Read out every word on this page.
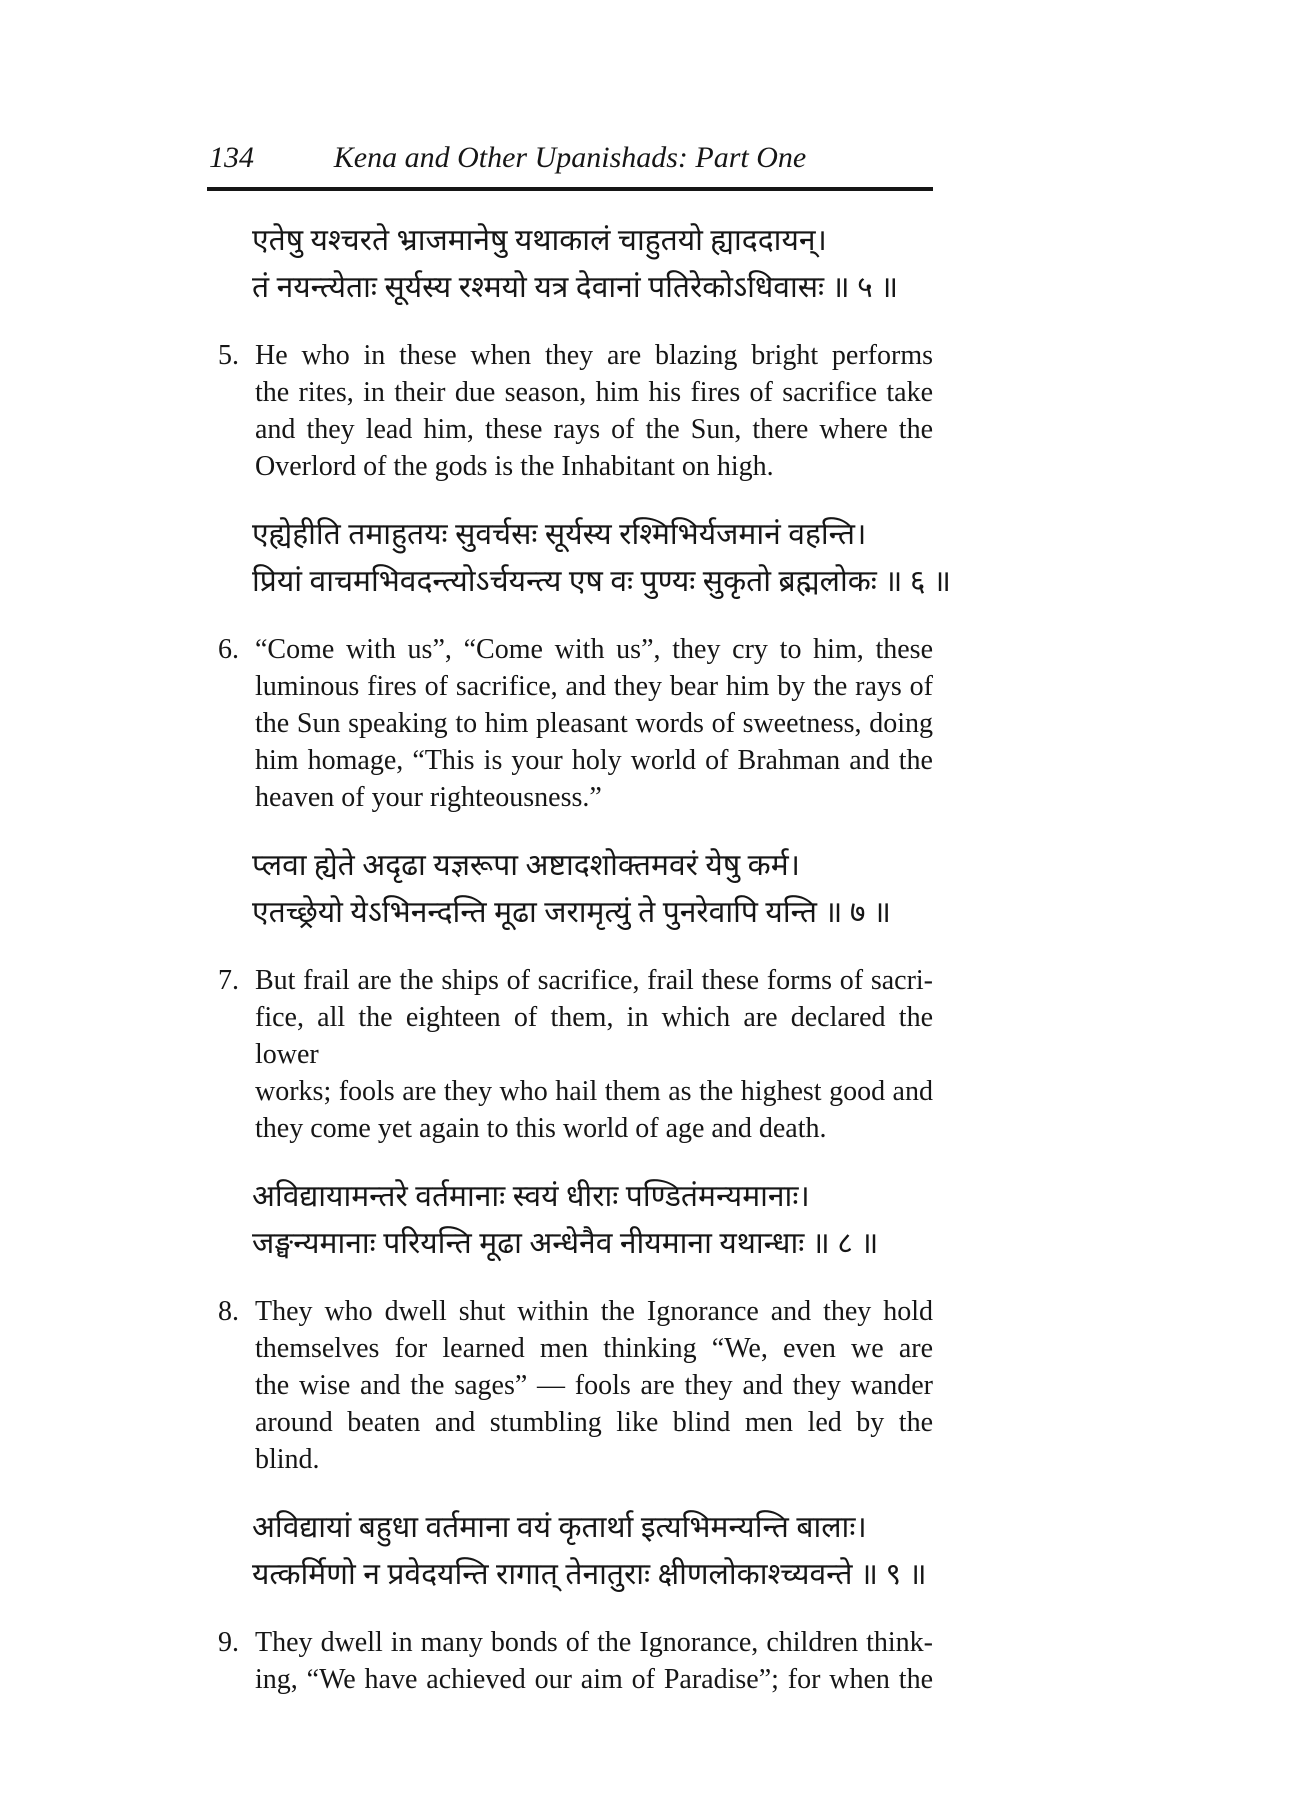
134	Kena and Other Upanishads: Part One
एतेषु यश्चरते भ्राजमानेषु यथाकालं चाहुतयो ह्याददायन्।
तं नयन्त्येताः सूर्यस्य रश्मयो यत्र देवानां पतिरेकोऽधिवासः ॥ ५ ॥
5. He who in these when they are blazing bright performs
the rites, in their due season, him his fires of sacrifice take
and they lead him, these rays of the Sun, there where the
Overlord of the gods is the Inhabitant on high.
एह्येहीति तमाहुतयः सुवर्चसः सूर्यस्य रश्मिभिर्यजमानं वहन्ति।
प्रियां वाचमभिवदन्त्योऽर्चयन्त्य एष वः पुण्यः सुकृतो ब्रह्मलोकः ॥ ६ ॥
6. “Come with us”, “Come with us”, they cry to him, these
luminous fires of sacrifice, and they bear him by the rays of
the Sun speaking to him pleasant words of sweetness, doing
him homage, “This is your holy world of Brahman and the
heaven of your righteousness.”
प्लवा ह्येते अदृढा यज्ञरूपा अष्टादशोक्तमवरं येषु कर्म।
एतच्छ्रेयो येऽभिनन्दन्ति मूढा जरामृत्युं ते पुनरेवापि यन्ति ॥ ७ ॥
7. But frail are the ships of sacrifice, frail these forms of sacri-
fice, all the eighteen of them, in which are declared the lower
works; fools are they who hail them as the highest good and
they come yet again to this world of age and death.
अविद्यायामन्तरे वर्तमानाः स्वयं धीराः पण्डितंमन्यमानाः।
जङ्घन्यमानाः परियन्ति मूढा अन्धेनैव नीयमाना यथान्धाः ॥ ८ ॥
8. They who dwell shut within the Ignorance and they hold
themselves for learned men thinking “We, even we are
the wise and the sages” — fools are they and they wander
around beaten and stumbling like blind men led by the
blind.
अविद्यायां बहुधा वर्तमाना वयं कृतार्था इत्यभिमन्यन्ति बालाः।
यत्कर्मिणो न प्रवेदयन्ति रागात् तेनातुराः क्षीणलोकाश्च्यवन्ते ॥ ९ ॥
9. They dwell in many bonds of the Ignorance, children think-
ing, “We have achieved our aim of Paradise”; for when the
